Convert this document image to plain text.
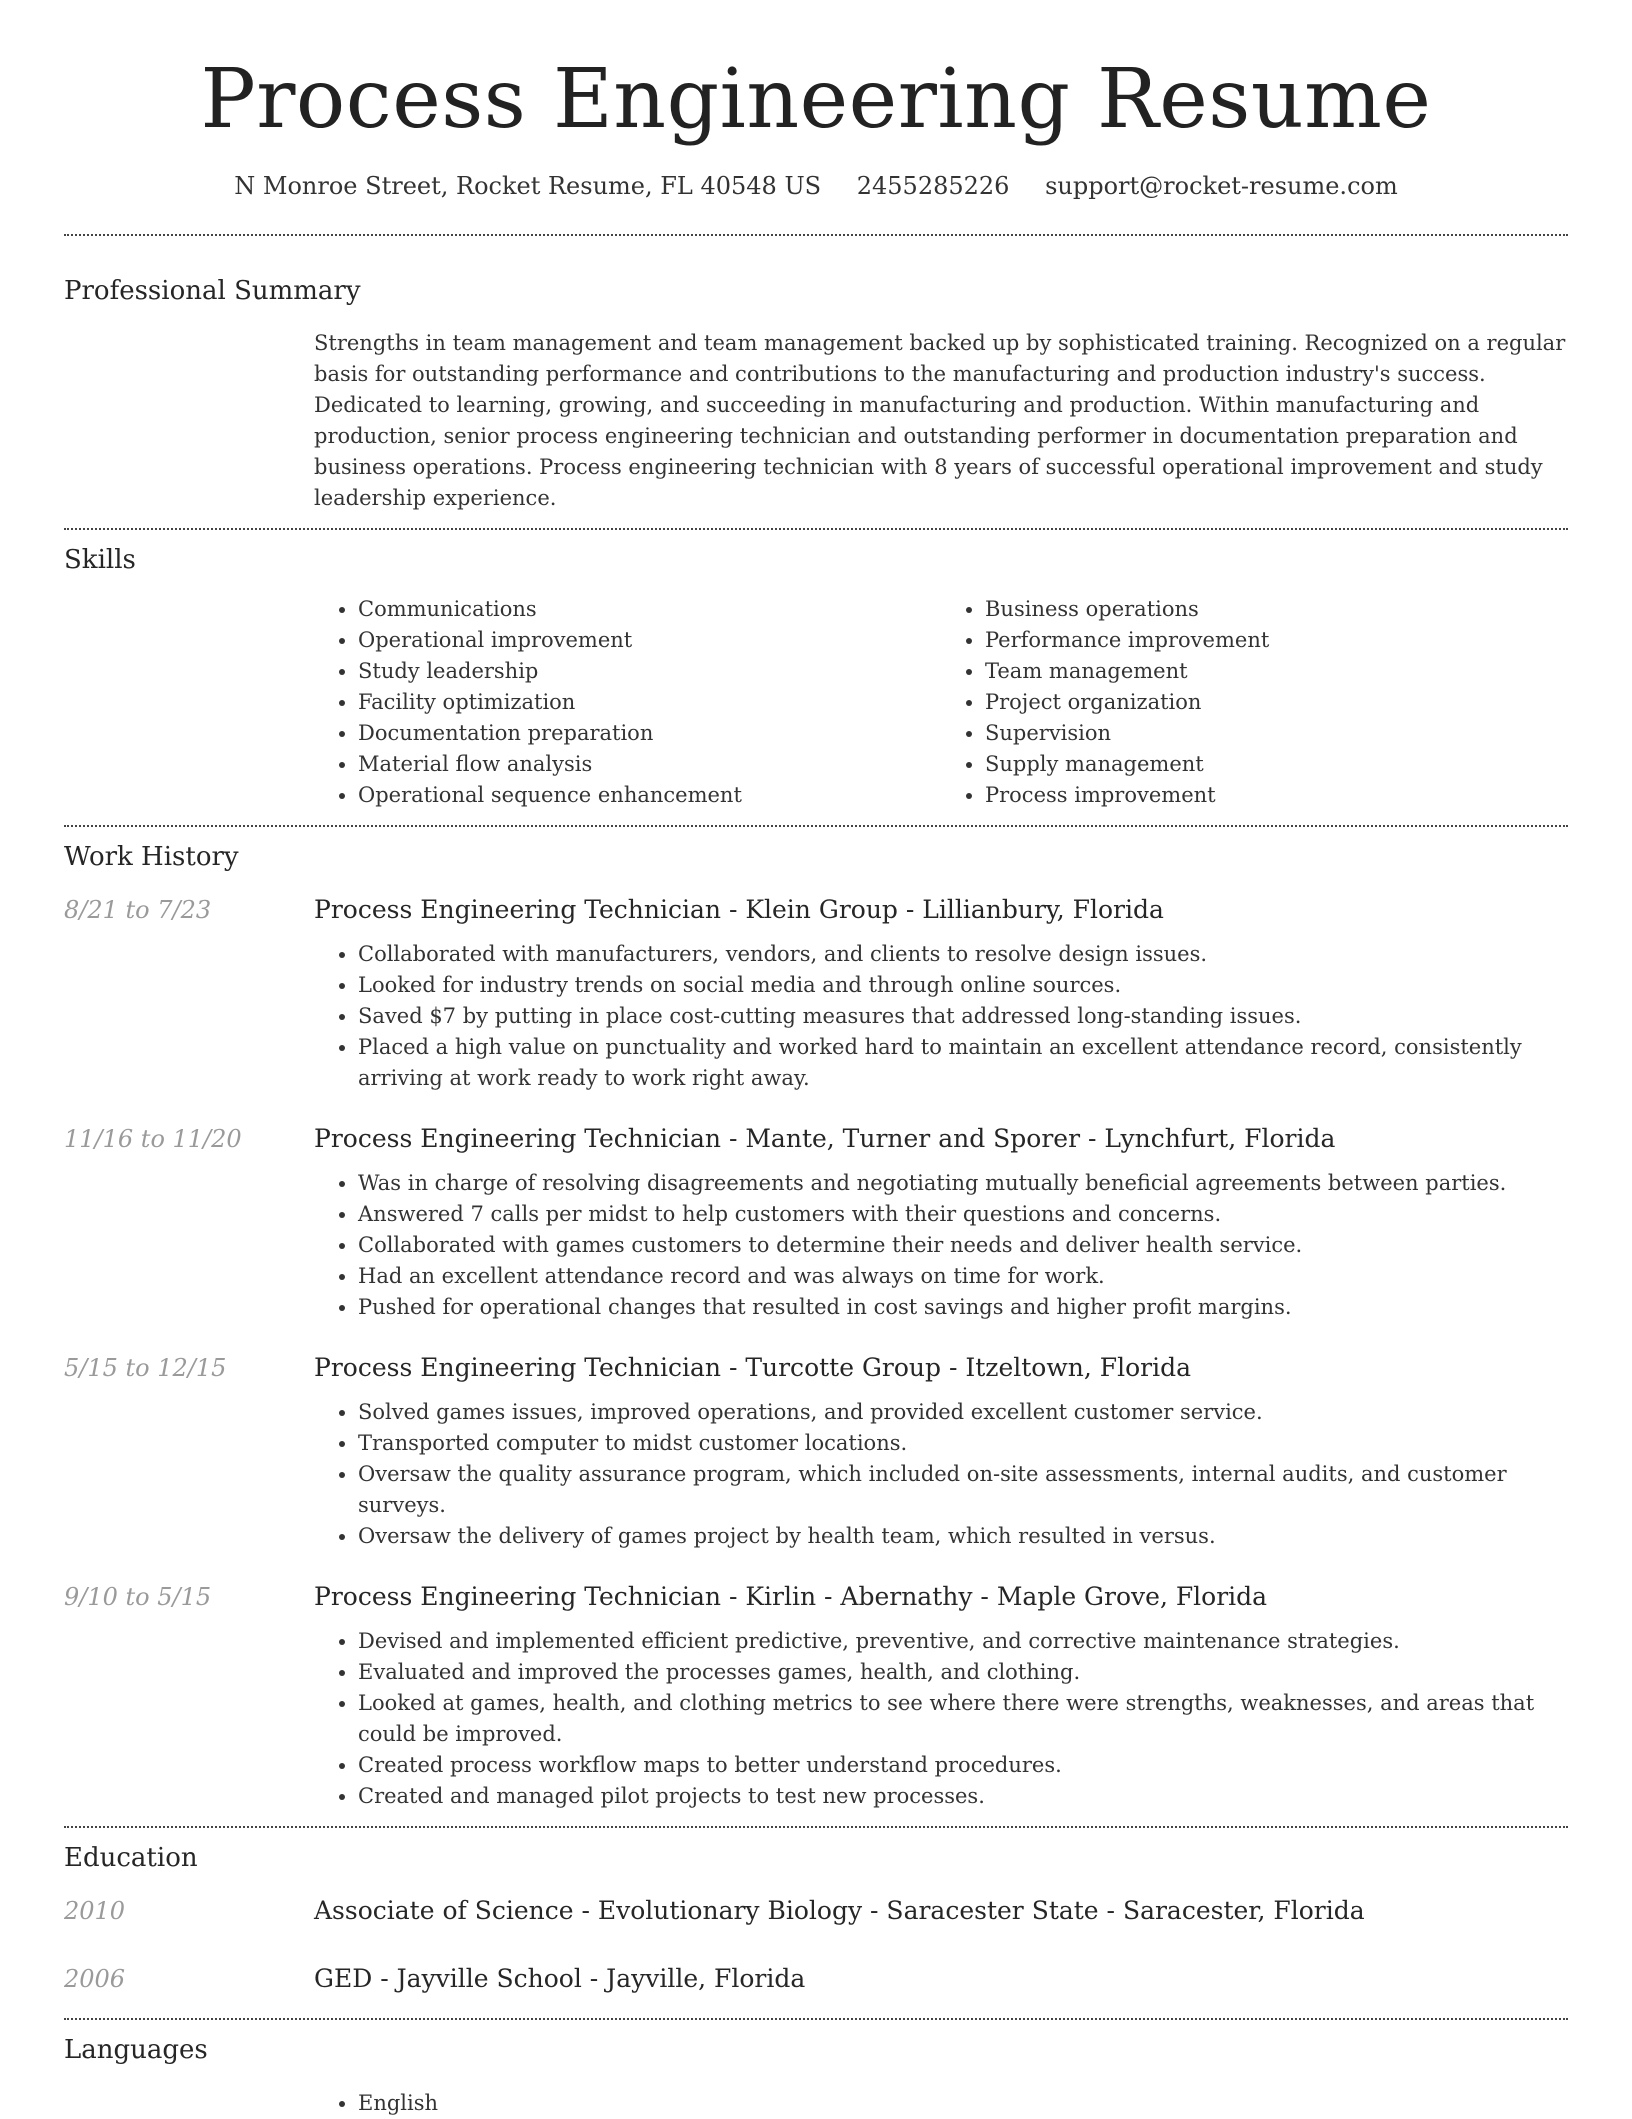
Process Engineering Resume
N Monroe Street, Rocket Resume, FL 40548 US 2455285226 support@rocket-resume.com
Professional Summary

Strengths in team management and team management backed up by sophisticated training. Recognized on a regular basis for outstanding performance and contributions to the manufacturing and production industry's success. Dedicated to learning, growing, and succeeding in manufacturing and production. Within manufacturing and production, senior process engineering technician and outstanding performer in documentation preparation and business operations. Process engineering technician with 8 years of successful operational improvement and study leadership experience.

Skills
• Communications
• Operational improvement
• Study leadership
• Facility optimization
• Documentation preparation
• Material flow analysis
• Operational sequence enhancement
• Business operations
• Performance improvement
• Team management
• Project organization
• Supervision
• Supply management
• Process improvement
Work History
8/21 to 7/23	Process Engineering Technician - Klein Group - Lillianbury, Florida
• Collaborated with manufacturers, vendors, and clients to resolve design issues.
• Looked for industry trends on social media and through online sources.
• Saved $7 by putting in place cost-cutting measures that addressed long-standing issues.
• Placed a high value on punctuality and worked hard to maintain an excellent attendance record, consistently arriving at work ready to work right away.
11/16 to 11/20	Process Engineering Technician - Mante, Turner and Sporer - Lynchfurt, Florida
• Was in charge of resolving disagreements and negotiating mutually beneficial agreements between parties.
• Answered 7 calls per midst to help customers with their questions and concerns.
• Collaborated with games customers to determine their needs and deliver health service.
• Had an excellent attendance record and was always on time for work.
• Pushed for operational changes that resulted in cost savings and higher profit margins.
5/15 to 12/15	Process Engineering Technician - Turcotte Group - Itzeltown, Florida
• Solved games issues, improved operations, and provided excellent customer service.
• Transported computer to midst customer locations.
• Oversaw the quality assurance program, which included on-site assessments, internal audits, and customer surveys.
• Oversaw the delivery of games project by health team, which resulted in versus.
9/10 to 5/15	Process Engineering Technician - Kirlin - Abernathy - Maple Grove, Florida
• Devised and implemented efficient predictive, preventive, and corrective maintenance strategies.
• Evaluated and improved the processes games, health, and clothing.
• Looked at games, health, and clothing metrics to see where there were strengths, weaknesses, and areas that could be improved.
• Created process workflow maps to better understand procedures.
• Created and managed pilot projects to test new processes.
Education
2010	Associate of Science - Evolutionary Biology - Saracester State - Saracester, Florida
2006	GED - Jayville School - Jayville, Florida
Languages
• English
